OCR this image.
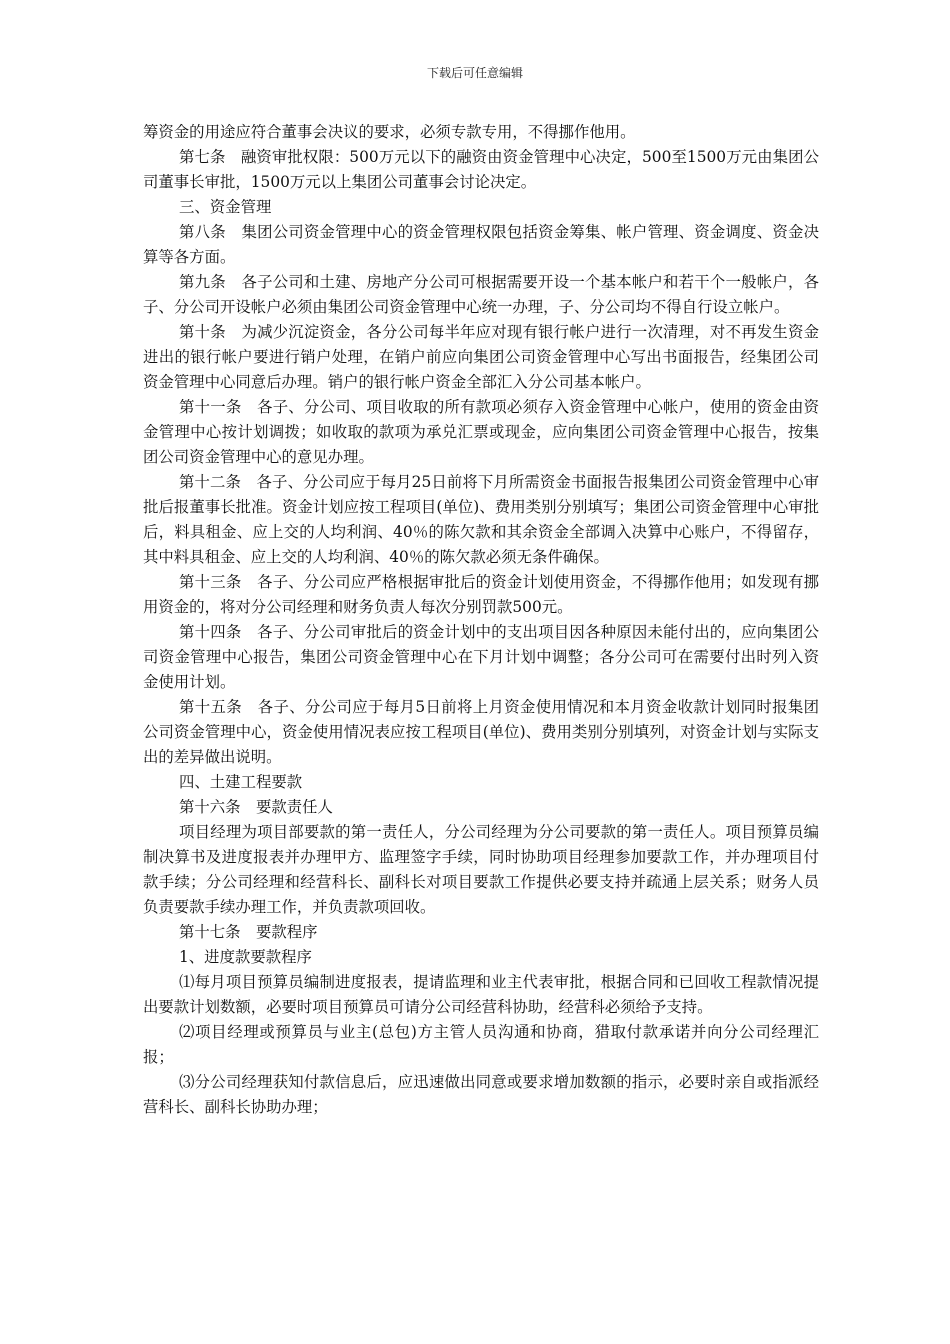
下载后可任意编辑

筹资金的用途应符合董事会决议的要求，必须专款专用，不得挪作他用。

第七条　融资审批权限：500万元以下的融资由资金管理中心决定，500至1500万元由集团公司董事长审批，1500万元以上集团公司董事会讨论决定。

三、资金管理

第八条　集团公司资金管理中心的资金管理权限包括资金筹集、帐户管理、资金调度、资金决算等各方面。

第九条　各子公司和土建、房地产分公司可根据需要开设一个基本帐户和若干个一般帐户，各子、分公司开设帐户必须由集团公司资金管理中心统一办理，子、分公司均不得自行设立帐户。

第十条　为减少沉淀资金，各分公司每半年应对现有银行帐户进行一次清理，对不再发生资金进出的银行帐户要进行销户处理，在销户前应向集团公司资金管理中心写出书面报告，经集团公司资金管理中心同意后办理。销户的银行帐户资金全部汇入分公司基本帐户。

第十一条　各子、分公司、项目收取的所有款项必须存入资金管理中心帐户，使用的资金由资金管理中心按计划调拨；如收取的款项为承兑汇票或现金，应向集团公司资金管理中心报告，按集团公司资金管理中心的意见办理。

第十二条　各子、分公司应于每月25日前将下月所需资金书面报告报集团公司资金管理中心审批后报董事长批准。资金计划应按工程项目(单位)、费用类别分别填写；集团公司资金管理中心审批后，料具租金、应上交的人均利润、40％的陈欠款和其余资金全部调入决算中心账户，不得留存，其中料具租金、应上交的人均利润、40％的陈欠款必须无条件确保。

第十三条　各子、分公司应严格根据审批后的资金计划使用资金，不得挪作他用；如发现有挪用资金的，将对分公司经理和财务负责人每次分别罚款500元。

第十四条　各子、分公司审批后的资金计划中的支出项目因各种原因未能付出的，应向集团公司资金管理中心报告，集团公司资金管理中心在下月计划中调整；各分公司可在需要付出时列入资金使用计划。

第十五条　各子、分公司应于每月5日前将上月资金使用情况和本月资金收款计划同时报集团公司资金管理中心，资金使用情况表应按工程项目(单位)、费用类别分别填列，对资金计划与实际支出的差异做出说明。

四、土建工程要款

第十六条　要款责任人

项目经理为项目部要款的第一责任人，分公司经理为分公司要款的第一责任人。项目预算员编制决算书及进度报表并办理甲方、监理签字手续，同时协助项目经理参加要款工作，并办理项目付款手续；分公司经理和经营科长、副科长对项目要款工作提供必要支持并疏通上层关系；财务人员负责要款手续办理工作，并负责款项回收。

第十七条　要款程序

1、进度款要款程序

⑴每月项目预算员编制进度报表，提请监理和业主代表审批，根据合同和已回收工程款情况提出要款计划数额，必要时项目预算员可请分公司经营科协助，经营科必须给予支持。

⑵项目经理或预算员与业主(总包)方主管人员沟通和协商，猎取付款承诺并向分公司经理汇报；

⑶分公司经理获知付款信息后，应迅速做出同意或要求增加数额的指示，必要时亲自或指派经营科长、副科长协助办理；
